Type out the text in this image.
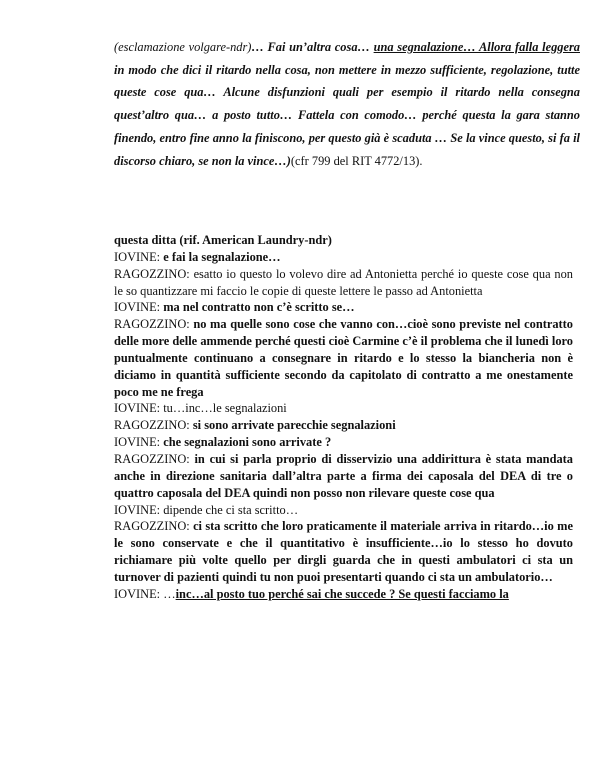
(esclamazione volgare-ndr)… Fai un’altra cosa… una segnalazione… Allora falla leggera in modo che dici il ritardo nella cosa, non mettere in mezzo sufficiente, regolazione, tutte queste cose qua… Alcune disfunzioni quali per esempio il ritardo nella consegna quest’altro qua… a posto tutto… Fattela con comodo… perché questa la gara stanno finendo, entro fine anno la finiscono, per questo già è scaduta … Se la vince questo, si fa il discorso chiaro, se non la vince…)(cfr 799 del RIT 4772/13).

questa ditta (rif. American Laundry-ndr)

IOVINE: e fai la segnalazione…

RAGOZZINO: esatto io questo lo volevo dire ad Antonietta perché io queste cose qua non le so quantizzare mi faccio le copie di queste lettere le passo ad Antonietta

IOVINE: ma nel contratto non c’è scritto se…

RAGOZZINO: no ma quelle sono cose che vanno con…cioè sono previste nel contratto delle more delle ammende perché questi cioè Carmine c’è il problema che il lunedì loro puntualmente continuano a consegnare in ritardo e lo stesso la biancheria non è diciamo in quantità sufficiente secondo da capitolato di contratto a me onestamente poco me ne frega

IOVINE: tu…inc…le segnalazioni

RAGOZZINO: si sono arrivate parecchie segnalazioni

IOVINE: che segnalazioni sono arrivate ?

RAGOZZINO: in cui si parla proprio di disservizio una addirittura è stata mandata anche in direzione sanitaria dall’altra parte a firma dei caposala del DEA di tre o quattro caposala del DEA quindi non posso non rilevare queste cose qua

IOVINE: dipende che ci sta scritto…

RAGOZZINO: ci sta scritto che loro praticamente il materiale arriva in ritardo…io me le sono conservate e che il quantitativo è insufficiente…io lo stesso ho dovuto richiamare più volte quello per dirgli guarda che in questi ambulatori ci sta un turnover di pazienti quindi tu non puoi presentarti quando ci sta un ambulatorio…

IOVINE: …inc…al posto tuo perché sai che succede ? Se questi facciamo la
